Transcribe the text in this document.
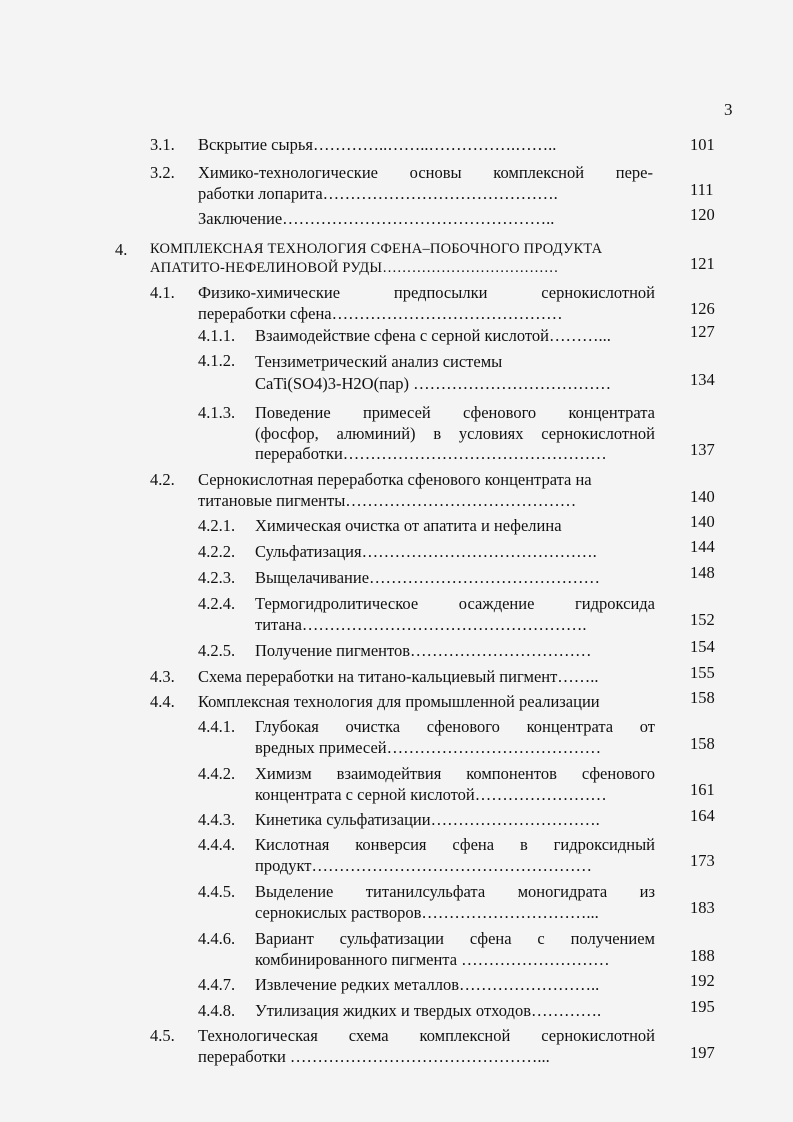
3
3.1. Вскрытие сырья…………..……..…………….……..	101
3.2. Химико-технологические основы комплексной пере-
работки лопарита…………………………………….	111
Заключение…………………………………………..	120
4. КОМПЛЕКСНАЯ ТЕХНОЛОГИЯ СФЕНА–ПОБОЧНОГО ПРОДУКТА
АПАТИТО-НЕФЕЛИНОВОЙ РУДЫ………………………………	121
4.1. Физико-химические предпосылки сернокислотной
переработки сфена……………………………………	126
4.1.1. Взаимодействие сфена с серной кислотой………...	127
4.1.2. Тензиметрический анализ системы
CaTi(SO4)3-H2O(пар) ………………………………	134
4.1.3. Поведение примесей сфенового концентрата
(фосфор, алюминий) в условиях сернокислотной
переработки…………………………………………	137
4.2. Сернокислотная переработка сфенового концентрата на
титановые пигменты……………………………………	140
4.2.1. Химическая очистка от апатита и нефелина	140
4.2.2. Сульфатизация…………………………………….	144
4.2.3. Выщелачивание……………………………………	148
4.2.4. Термогидролитическое осаждение гидроксида
титана…………………………………………….	152
4.2.5. Получение пигментов……………………………	154
4.3. Схема переработки на титано-кальциевый пигмент……..	155
4.4. Комплексная технология для промышленной реализации	158
4.4.1. Глубокая очистка сфенового концентрата от
вредных примесей…………………………………	158
4.4.2. Химизм взаимодейтвия компонентов сфенового
концентрата с серной кислотой……………………	161
4.4.3. Кинетика сульфатизации………………………….	164
4.4.4. Кислотная конверсия сфена в гидроксидный
продукт……………………………………………	173
4.4.5. Выделение титанилсульфата моногидрата из
сернокислых растворов…………………………...	183
4.4.6. Вариант сульфатизации сфена с получением
комбинированного пигмента ………………………	188
4.4.7. Извлечение редких металлов……………………..	192
4.4.8. Утилизация жидких и твердых отходов………….	195
4.5. Технологическая схема комплексной сернокислотной
переработки ………………………………………...	197
